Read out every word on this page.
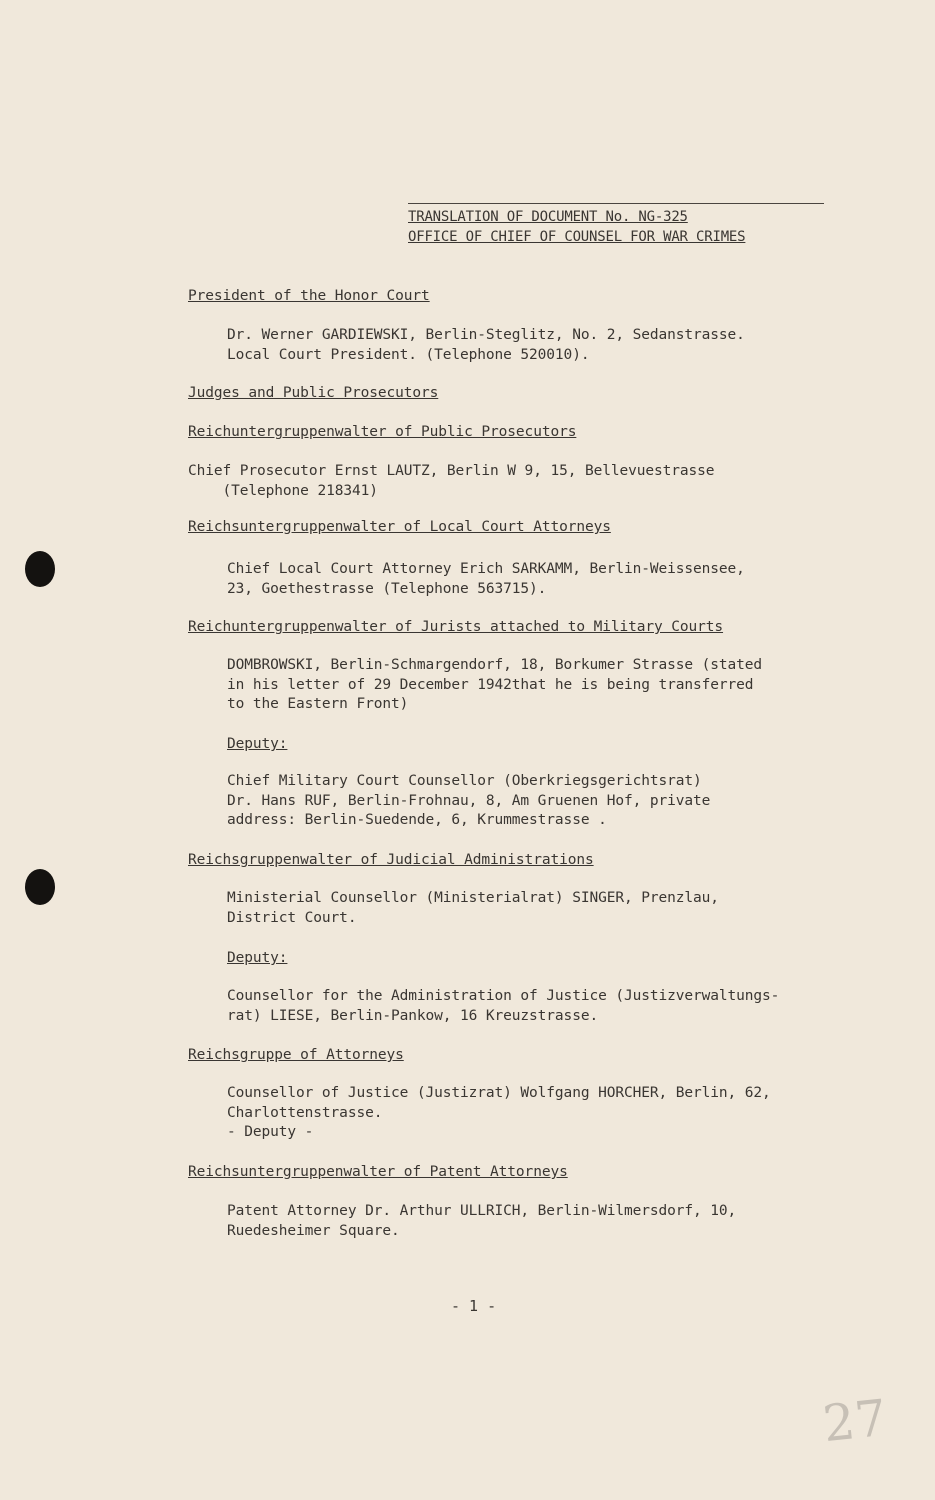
TRANSLATION OF DOCUMENT No. NG-325
OFFICE OF CHIEF OF COUNSEL FOR WAR CRIMES
President of the Honor Court
Dr. Werner GARDIEWSKI, Berlin-Steglitz, No. 2, Sedanstrasse.
Local Court President. (Telephone 520010).
Judges and Public Prosecutors
Reichuntergruppenwalter of Public Prosecutors
Chief Prosecutor Ernst LAUTZ, Berlin W 9, 15, Bellevuestrasse
(Telephone 218341)
Reichsuntergruppenwalter of Local Court Attorneys
Chief Local Court Attorney Erich SARKAMM, Berlin-Weissensee,
23, Goethestrasse (Telephone 563715).
Reichuntergruppenwalter of Jurists attached to Military Courts
DOMBROWSKI, Berlin-Schmargendorf, 18, Borkumer Strasse (stated
in his letter of 29 December 1942that he is being transferred
to the Eastern Front)
Deputy:
Chief Military Court Counsellor (Oberkriegsgerichtsrat)
Dr. Hans RUF, Berlin-Frohnau, 8, Am Gruenen Hof, private
address: Berlin-Suedende, 6, Krummestrasse .
Reichsgruppenwalter of Judicial Administrations
Ministerial Counsellor (Ministerialrat) SINGER, Prenzlau,
District Court.
Deputy:
Counsellor for the Administration of Justice (Justizverwaltungs-
rat) LIESE, Berlin-Pankow, 16 Kreuzstrasse.
Reichsgruppe of Attorneys
Counsellor of Justice (Justizrat) Wolfgang HORCHER, Berlin, 62,
Charlottenstrasse.
- Deputy -
Reichsuntergruppenwalter of Patent Attorneys
Patent Attorney Dr. Arthur ULLRICH, Berlin-Wilmersdorf, 10,
Ruedesheimer Square.
- 1 -
27
